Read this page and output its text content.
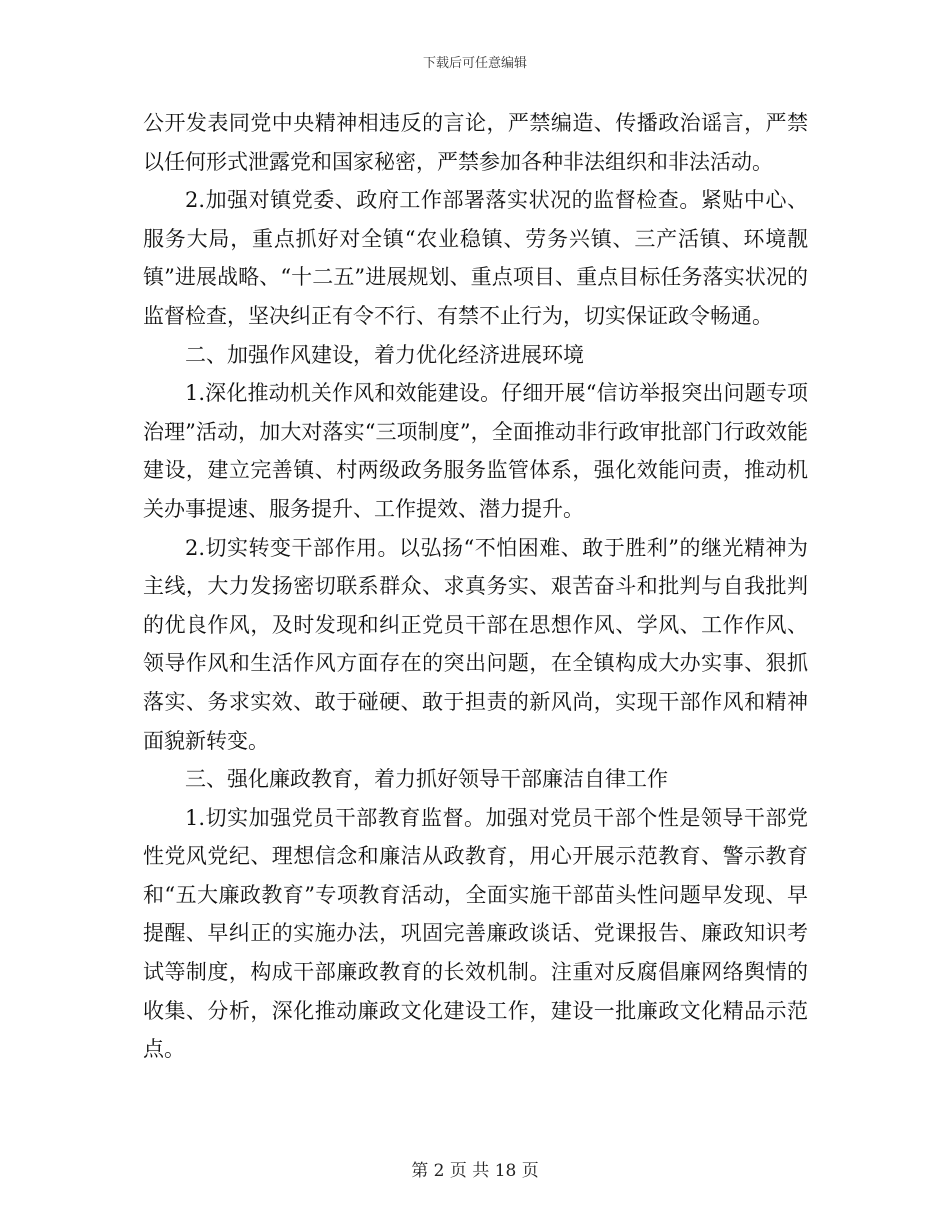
下载后可任意编辑

公开发表同党中央精神相违反的言论，严禁编造、传播政治谣言，严禁以任何形式泄露党和国家秘密，严禁参加各种非法组织和非法活动。

2.加强对镇党委、政府工作部署落实状况的监督检查。紧贴中心、服务大局，重点抓好对全镇“农业稳镇、劳务兴镇、三产活镇、环境靓镇”进展战略、“十二五”进展规划、重点项目、重点目标任务落实状况的监督检查，坚决纠正有令不行、有禁不止行为，切实保证政令畅通。

二、加强作风建设，着力优化经济进展环境

1.深化推动机关作风和效能建设。仔细开展“信访举报突出问题专项治理”活动，加大对落实“三项制度”，全面推动非行政审批部门行政效能建设，建立完善镇、村两级政务服务监管体系，强化效能问责，推动机关办事提速、服务提升、工作提效、潜力提升。

2.切实转变干部作用。以弘扬“不怕困难、敢于胜利”的继光精神为主线，大力发扬密切联系群众、求真务实、艰苦奋斗和批判与自我批判的优良作风，及时发现和纠正党员干部在思想作风、学风、工作作风、领导作风和生活作风方面存在的突出问题，在全镇构成大办实事、狠抓落实、务求实效、敢于碰硬、敢于担责的新风尚，实现干部作风和精神面貌新转变。

三、强化廉政教育，着力抓好领导干部廉洁自律工作

1.切实加强党员干部教育监督。加强对党员干部个性是领导干部党性党风党纪、理想信念和廉洁从政教育，用心开展示范教育、警示教育和“五大廉政教育”专项教育活动，全面实施干部苗头性问题早发现、早提醒、早纠正的实施办法，巩固完善廉政谈话、党课报告、廉政知识考试等制度，构成干部廉政教育的长效机制。注重对反腐倡廉网络舆情的收集、分析，深化推动廉政文化建设工作，建设一批廉政文化精品示范点。

第 2 页 共 18 页
